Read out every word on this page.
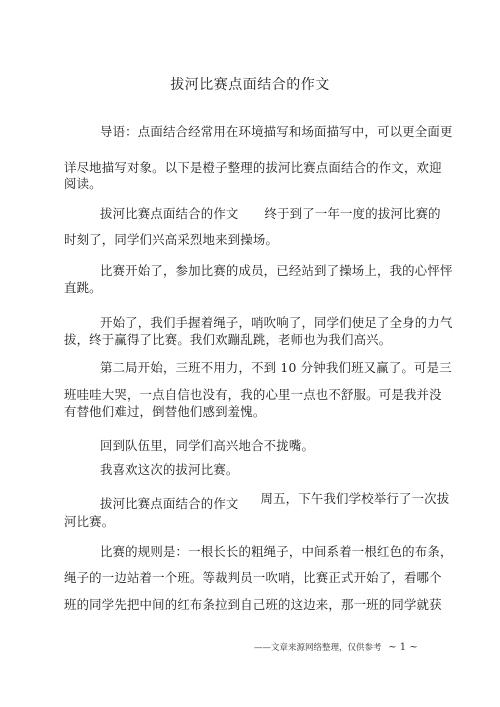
拔河比赛点面结合的作文
导语：点面结合经常用在环境描写和场面描写中，可以更全面更
详尽地描写对象。以下是橙子整理的拔河比赛点面结合的作文，欢迎
阅读。
拔河比赛点面结合的作文 终于到了一年一度的拔河比赛的
时刻了，同学们兴高采烈地来到操场。
比赛开始了，参加比赛的成员，已经站到了操场上，我的心怦怦
直跳。
开始了，我们手握着绳子，哨吹响了，同学们使足了全身的力气
拔，终于赢得了比赛。我们欢蹦乱跳，老师也为我们高兴。
第二局开始，三班不用力，不到 10 分钟我们班又赢了。可是三
班哇哇大哭，一点自信也没有，我的心里一点也不舒服。可是我并没
有替他们难过，倒替他们感到羞愧。
回到队伍里，同学们高兴地合不拢嘴。
我喜欢这次的拔河比赛。
拔河比赛点面结合的作文 周五，下午我们学校举行了一次拔
河比赛。
比赛的规则是：一根长长的粗绳子，中间系着一根红色的布条，
绳子的一边站着一个班。等裁判员一吹哨，比赛正式开始了，看哪个
班的同学先把中间的红布条拉到自己班的这边来，那一班的同学就获
——文章来源网络整理，仅供参考 ~ 1 ~
